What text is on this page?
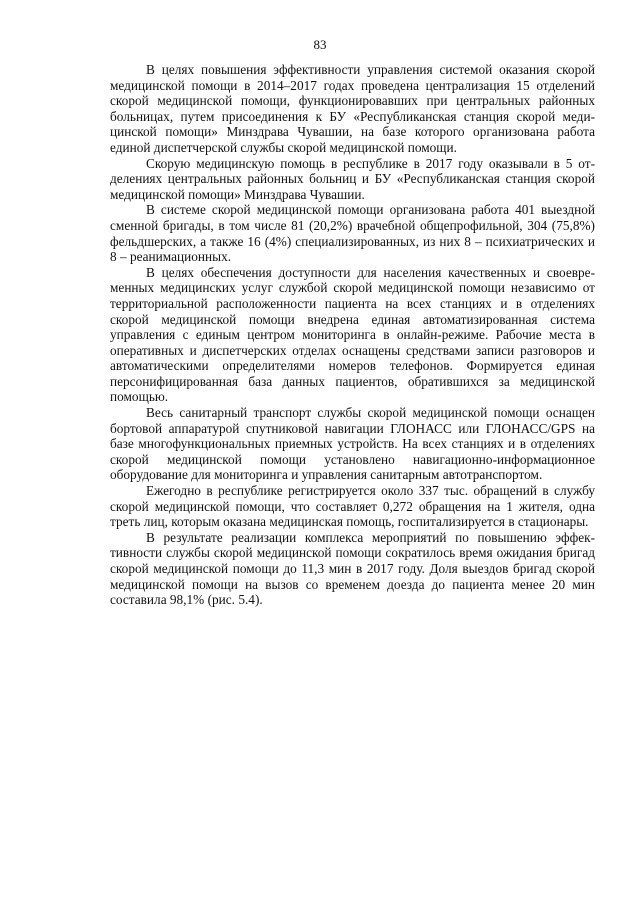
83

В целях повышения эффективности управления системой оказания скорой медицинской помощи в 2014–2017 годах проведена централизация 15 отделений скорой медицинской помощи, функционировавших при центральных районных больницах, путем присоединения к БУ «Республиканская станция скорой медицинской помощи» Минздрава Чувашии, на базе которого организована работа единой диспетчерской службы скорой медицинской помощи.

Скорую медицинскую помощь в республике в 2017 году оказывали в 5 отделениях центральных районных больниц и БУ «Республиканская станция скорой медицинской помощи» Минздрава Чувашии.

В системе скорой медицинской помощи организована работа 401 выездной сменной бригады, в том числе 81 (20,2%) врачебной общепрофильной, 304 (75,8%) фельдшерских, а также 16 (4%) специализированных, из них 8 – психиатрических и 8 – реанимационных.

В целях обеспечения доступности для населения качественных и своевременных медицинских услуг службой скорой медицинской помощи независимо от территориальной расположенности пациента на всех станциях и в отделениях скорой медицинской помощи внедрена единая автоматизированная система управления с единым центром мониторинга в онлайн-режиме. Рабочие места в оперативных и диспетчерских отделах оснащены средствами записи разговоров и автоматическими определителями номеров телефонов. Формируется единая персонифицированная база данных пациентов, обратившихся за медицинской помощью.

Весь санитарный транспорт службы скорой медицинской помощи оснащен бортовой аппаратурой спутниковой навигации ГЛОНАСС или ГЛОНАСС/GPS на базе многофункциональных приемных устройств. На всех станциях и в отделениях скорой медицинской помощи установлено навигационно-информационное оборудование для мониторинга и управления санитарным автотранспортом.

Ежегодно в республике регистрируется около 337 тыс. обращений в службу скорой медицинской помощи, что составляет 0,272 обращения на 1 жителя, одна треть лиц, которым оказана медицинская помощь, госпитализируется в стационары.

В результате реализации комплекса мероприятий по повышению эффективности службы скорой медицинской помощи сократилось время ожидания бригад скорой медицинской помощи до 11,3 мин в 2017 году. Доля выездов бригад скорой медицинской помощи на вызов со временем доезда до пациента менее 20 мин составила 98,1% (рис. 5.4).
